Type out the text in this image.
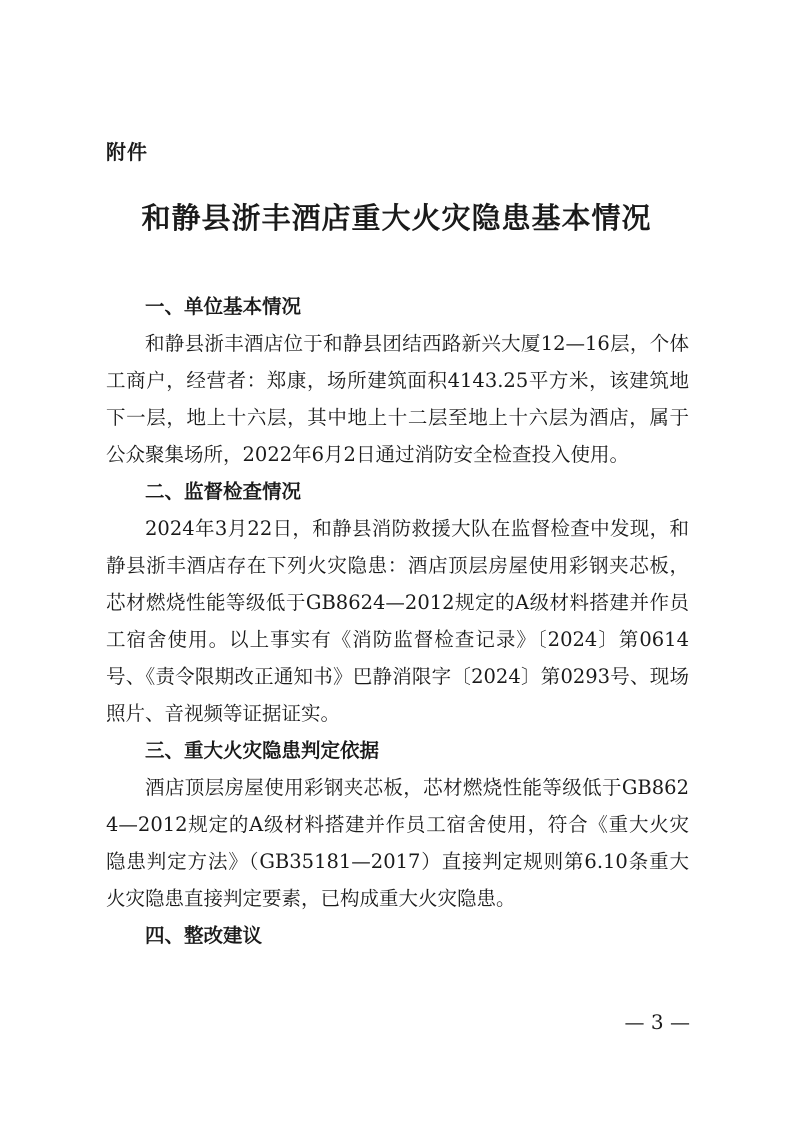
附件
和静县浙丰酒店重大火灾隐患基本情况

一、单位基本情况

和静县浙丰酒店位于和静县团结西路新兴大厦12—16层，个体工商户，经营者：郑康，场所建筑面积4143.25平方米，该建筑地下一层，地上十六层，其中地上十二层至地上十六层为酒店，属于公众聚集场所，2022年6月2日通过消防安全检查投入使用。

二、监督检查情况

2024年3月22日，和静县消防救援大队在监督检查中发现，和静县浙丰酒店存在下列火灾隐患：酒店顶层房屋使用彩钢夹芯板，芯材燃烧性能等级低于GB8624—2012规定的A级材料搭建并作员工宿舍使用。以上事实有《消防监督检查记录》〔2024〕第0614号、《责令限期改正通知书》巴静消限字〔2024〕第0293号、现场照片、音视频等证据证实。

三、重大火灾隐患判定依据

酒店顶层房屋使用彩钢夹芯板，芯材燃烧性能等级低于GB8624—2012规定的A级材料搭建并作员工宿舍使用，符合《重大火灾隐患判定方法》（GB35181—2017）直接判定规则第6.10条重大火灾隐患直接判定要素，已构成重大火灾隐患。

四、整改建议

— 3 —
